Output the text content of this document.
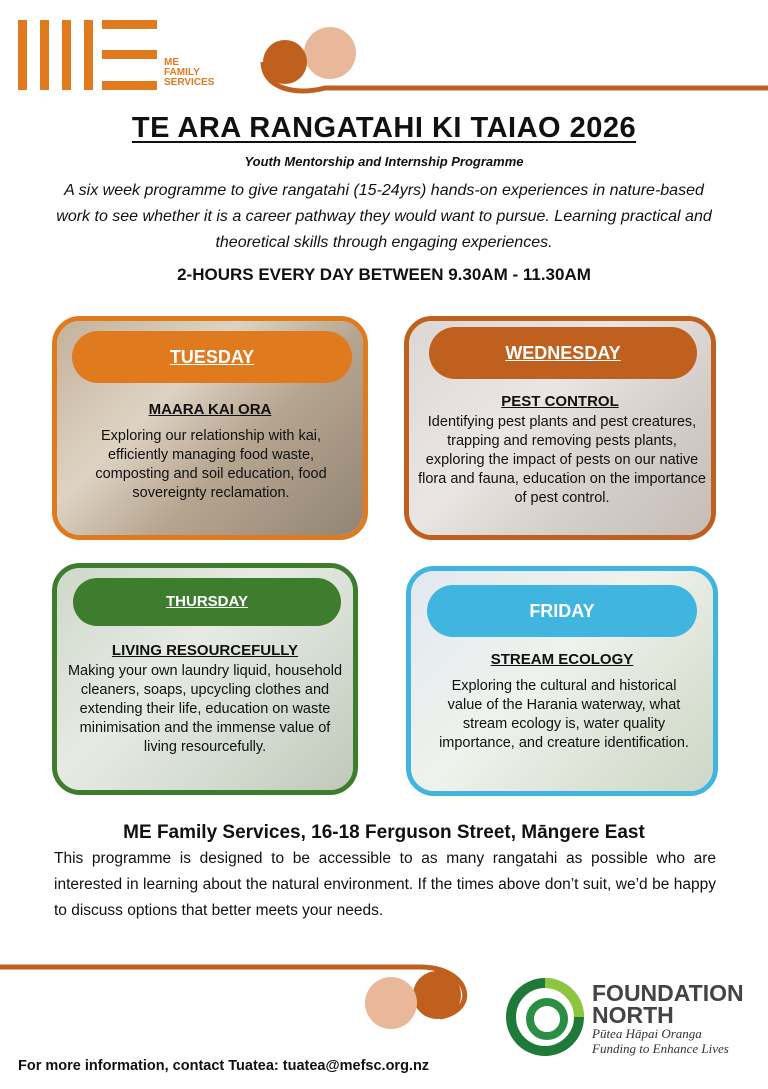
ME
FAMILY
SERVICES
TE ARA RANGATAHI KI TAIAO 2026
Youth Mentorship and Internship Programme
A six week programme to give rangatahi (15-24yrs) hands-on experiences in nature-based work to see whether it is a career pathway they would want to pursue. Learning practical and theoretical skills through engaging experiences.
2-HOURS EVERY DAY BETWEEN 9.30AM - 11.30AM
TUESDAY
MAARA KAI ORA
Exploring our relationship with kai, efficiently managing food waste, composting and soil education, food sovereignty reclamation.
WEDNESDAY
PEST CONTROL
Identifying pest plants and pest creatures, trapping and removing pests plants, exploring the impact of pests on our native flora and fauna, education on the importance of pest control.
THURSDAY
LIVING RESOURCEFULLY
Making your own laundry liquid, household cleaners, soaps, upcycling clothes and extending their life, education on waste minimisation and the immense value of living resourcefully.
FRIDAY
STREAM ECOLOGY
Exploring the cultural and historical value of the Harania waterway, what stream ecology is, water quality importance, and creature identification.
ME Family Services, 16-18 Ferguson Street, Māngere East
This programme is designed to be accessible to as many rangatahi as possible who are interested in learning about the natural environment. If the times above don’t suit, we’d be happy to discuss options that better meets your needs.
FOUNDATION
NORTH
Pūtea Hāpai Oranga
Funding to Enhance Lives
For more information, contact Tuatea: tuatea@mefsc.org.nz
